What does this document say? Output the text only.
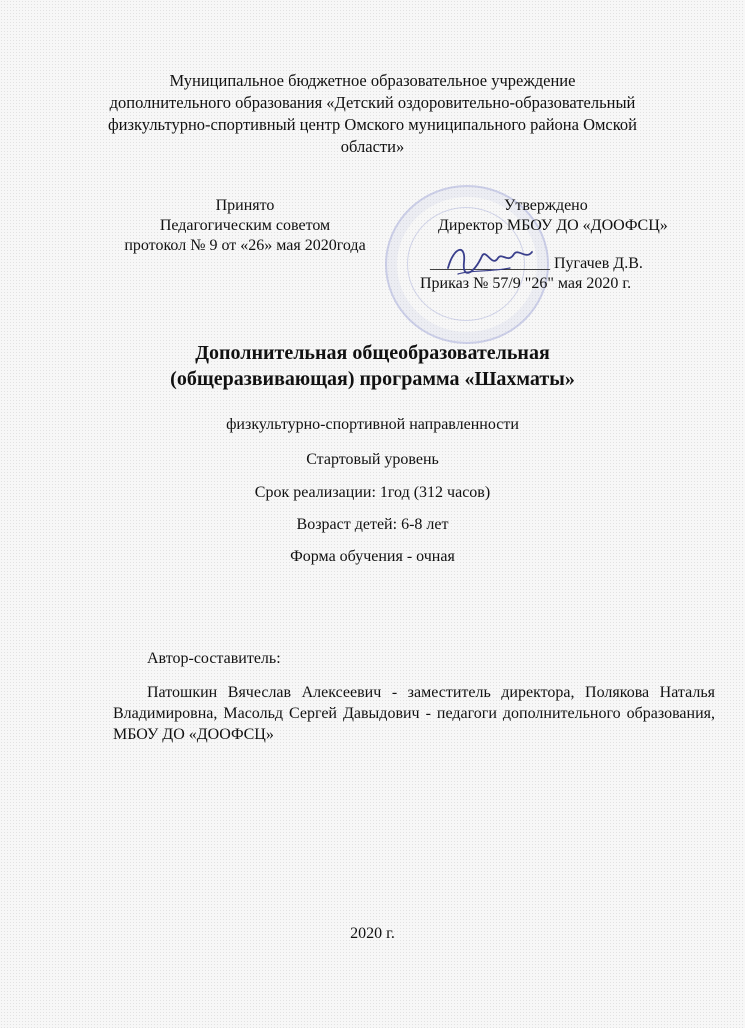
Муниципальное бюджетное образовательное учреждение
дополнительного образования «Детский оздоровительно-образовательный
физкультурно-спортивный центр Омского муниципального района Омской
области»
Принято
Педагогическим советом
протокол № 9 от «26» мая 2020года
Утверждено
Директор МБОУ ДО «ДООФСЦ»
_______________ Пугачев Д.В.
Приказ № 57/9 "26" мая 2020 г.
Дополнительная общеобразовательная
(общеразвивающая) программа «Шахматы»
физкультурно-спортивной направленности
Стартовый уровень
Срок реализации: 1год (312 часов)
Возраст детей: 6-8 лет
Форма обучения - очная
Автор-составитель:
Патошкин Вячеслав Алексеевич - заместитель директора, Полякова Наталья Владимировна, Масольд Сергей Давыдович - педагоги дополнительного образования, МБОУ ДО «ДООФСЦ»
2020 г.
